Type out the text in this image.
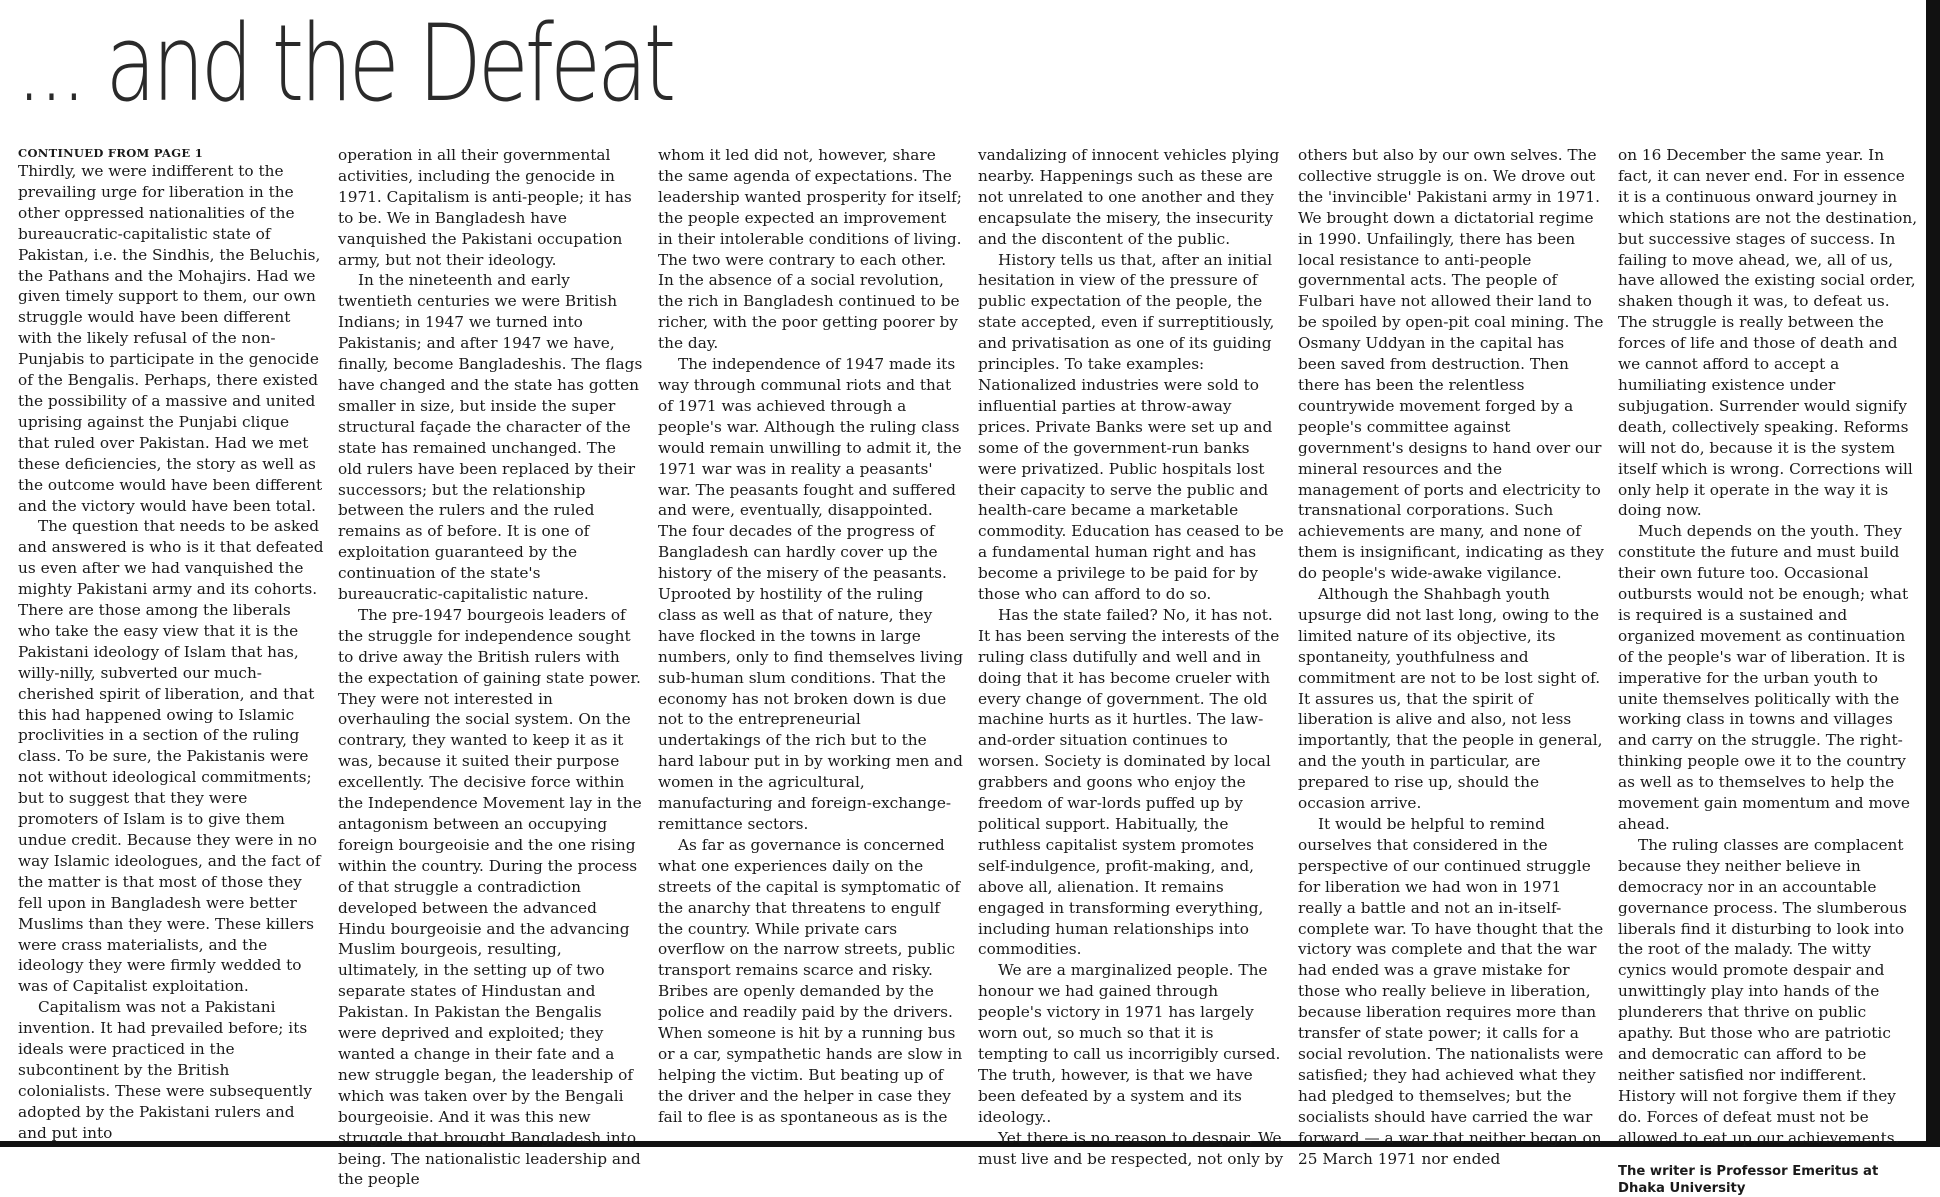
... and the Defeat

CONTINUED FROM PAGE 1

Thirdly, we were indifferent to the prevailing urge for liberation in the other oppressed nationalities of the bureaucratic-capitalistic state of Pakistan, i.e. the Sindhis, the Beluchis, the Pathans and the Mohajirs. Had we given timely support to them, our own struggle would have been different with the likely refusal of the non-Punjabis to participate in the genocide of the Bengalis. Perhaps, there existed the possibility of a massive and united uprising against the Punjabi clique that ruled over Pakistan. Had we met these deficiencies, the story as well as the outcome would have been different and the victory would have been total.

The question that needs to be asked and answered is who is it that defeated us even after we had vanquished the mighty Pakistani army and its cohorts. There are those among the liberals who take the easy view that it is the Pakistani ideology of Islam that has, willy-nilly, subverted our much-cherished spirit of liberation, and that this had happened owing to Islamic proclivities in a section of the ruling class. To be sure, the Pakistanis were not without ideological commitments; but to suggest that they were promoters of Islam is to give them undue credit. Because they were in no way Islamic ideologues, and the fact of the matter is that most of those they fell upon in Bangladesh were better Muslims than they were. These killers were crass materialists, and the ideology they were firmly wedded to was of Capitalist exploitation.

Capitalism was not a Pakistani invention. It had prevailed before; its ideals were practiced in the subcontinent by the British colonialists. These were subsequently adopted by the Pakistani rulers and and put into

operation in all their governmental activities, including the genocide in 1971. Capitalism is anti-people; it has to be. We in Bangladesh have vanquished the Pakistani occupation army, but not their ideology.

In the nineteenth and early twentieth centuries we were British Indians; in 1947 we turned into Pakistanis; and after 1947 we have, finally, become Bangladeshis. The flags have changed and the state has gotten smaller in size, but inside the super structural façade the character of the state has remained unchanged. The old rulers have been replaced by their successors; but the relationship between the rulers and the ruled remains as of before. It is one of exploitation guaranteed by the continuation of the state's bureaucratic-capitalistic nature.

The pre-1947 bourgeois leaders of the struggle for independence sought to drive away the British rulers with the expectation of gaining state power. They were not interested in overhauling the social system. On the contrary, they wanted to keep it as it was, because it suited their purpose excellently. The decisive force within the Independence Movement lay in the antagonism between an occupying foreign bourgeoisie and the one rising within the country. During the process of that struggle a contradiction developed between the advanced Hindu bourgeoisie and the advancing Muslim bourgeois, resulting, ultimately, in the setting up of two separate states of Hindustan and Pakistan. In Pakistan the Bengalis were deprived and exploited; they wanted a change in their fate and a new struggle began, the leadership of which was taken over by the Bengali bourgeoisie. And it was this new struggle that brought Bangladesh into being. The nationalistic leadership and the people

whom it led did not, however, share the same agenda of expectations. The leadership wanted prosperity for itself; the people expected an improvement in their intolerable conditions of living. The two were contrary to each other. In the absence of a social revolution, the rich in Bangladesh continued to be richer, with the poor getting poorer by the day.

The independence of 1947 made its way through communal riots and that of 1971 was achieved through a people's war. Although the ruling class would remain unwilling to admit it, the 1971 war was in reality a peasants' war. The peasants fought and suffered and were, eventually, disappointed. The four decades of the progress of Bangladesh can hardly cover up the history of the misery of the peasants. Uprooted by hostility of the ruling class as well as that of nature, they have flocked in the towns in large numbers, only to find themselves living sub-human slum conditions. That the economy has not broken down is due not to the entrepreneurial undertakings of the rich but to the hard labour put in by working men and women in the agricultural, manufacturing and foreign-exchange- remittance sectors.

As far as governance is concerned what one experiences daily on the streets of the capital is symptomatic of the anarchy that threatens to engulf the country. While private cars overflow on the narrow streets, public transport remains scarce and risky. Bribes are openly demanded by the police and readily paid by the drivers. When someone is hit by a running bus or a car, sympathetic hands are slow in helping the victim. But beating up of the driver and the helper in case they fail to flee is as spontaneous as is the

vandalizing of innocent vehicles plying nearby. Happenings such as these are not unrelated to one another and they encapsulate the misery, the insecurity and the discontent of the public.

History tells us that, after an initial hesitation in view of the pressure of public expectation of the people, the state accepted, even if surreptitiously, and privatisation as one of its guiding principles. To take examples: Nationalized industries were sold to influential parties at throw-away prices. Private Banks were set up and some of the government-run banks were privatized. Public hospitals lost their capacity to serve the public and health-care became a marketable commodity. Education has ceased to be a fundamental human right and has become a privilege to be paid for by those who can afford to do so.

Has the state failed? No, it has not. It has been serving the interests of the ruling class dutifully and well and in doing that it has become crueler with every change of government. The old machine hurts as it hurtles. The law-and-order situation continues to worsen. Society is dominated by local grabbers and goons who enjoy the freedom of war-lords puffed up by political support. Habitually, the ruthless capitalist system promotes self-indulgence, profit-making, and, above all, alienation. It remains engaged in transforming everything, including human relationships into commodities.

We are a marginalized people. The honour we had gained through people's victory in 1971 has largely worn out, so much so that it is tempting to call us incorrigibly cursed. The truth, however, is that we have been defeated by a system and its ideology..

Yet there is no reason to despair. We must live and be respected, not only by

others but also by our own selves. The collective struggle is on. We drove out the 'invincible' Pakistani army in 1971. We brought down a dictatorial regime in 1990. Unfailingly, there has been local resistance to anti-people governmental acts. The people of Fulbari have not allowed their land to be spoiled by open-pit coal mining. The Osmany Uddyan in the capital has been saved from destruction. Then there has been the relentless countrywide movement forged by a people's committee against government's designs to hand over our mineral resources and the management of ports and electricity to transnational corporations. Such achievements are many, and none of them is insignificant, indicating as they do people's wide-awake vigilance.

Although the Shahbagh youth upsurge did not last long, owing to the limited nature of its objective, its spontaneity, youthfulness and commitment are not to be lost sight of. It assures us, that the spirit of liberation is alive and also, not less importantly, that the people in general, and the youth in particular, are prepared to rise up, should the occasion arrive.

It would be helpful to remind ourselves that considered in the perspective of our continued struggle for liberation we had won in 1971 really a battle and not an in-itself-complete war. To have thought that the victory was complete and that the war had ended was a grave mistake for those who really believe in liberation, because liberation requires more than transfer of state power; it calls for a social revolution. The nationalists were satisfied; they had achieved what they had pledged to themselves; but the socialists should have carried the war forward — a war that neither began on 25 March 1971 nor ended

on 16 December the same year. In fact, it can never end. For in essence it is a continuous onward journey in which stations are not the destination, but successive stages of success. In failing to move ahead, we, all of us, have allowed the existing social order, shaken though it was, to defeat us. The struggle is really between the forces of life and those of death and we cannot afford to accept a humiliating existence under subjugation. Surrender would signify death, collectively speaking. Reforms will not do, because it is the system itself which is wrong. Corrections will only help it operate in the way it is doing now.

Much depends on the youth. They constitute the future and must build their own future too. Occasional outbursts would not be enough; what is required is a sustained and organized movement as continuation of the people's war of liberation. It is imperative for the urban youth to unite themselves politically with the working class in towns and villages and carry on the struggle. The right-thinking people owe it to the country as well as to themselves to help the movement gain momentum and move ahead.

The ruling classes are complacent because they neither believe in democracy nor in an accountable governance process. The slumberous liberals find it disturbing to look into the root of the malady. The witty cynics would promote despair and unwittingly play into hands of the plunderers that thrive on public apathy. But those who are patriotic and democratic can afford to be neither satisfied nor indifferent. History will not forgive them if they do. Forces of defeat must not be allowed to eat up our achievements.

The writer is Professor Emeritus at Dhaka University
